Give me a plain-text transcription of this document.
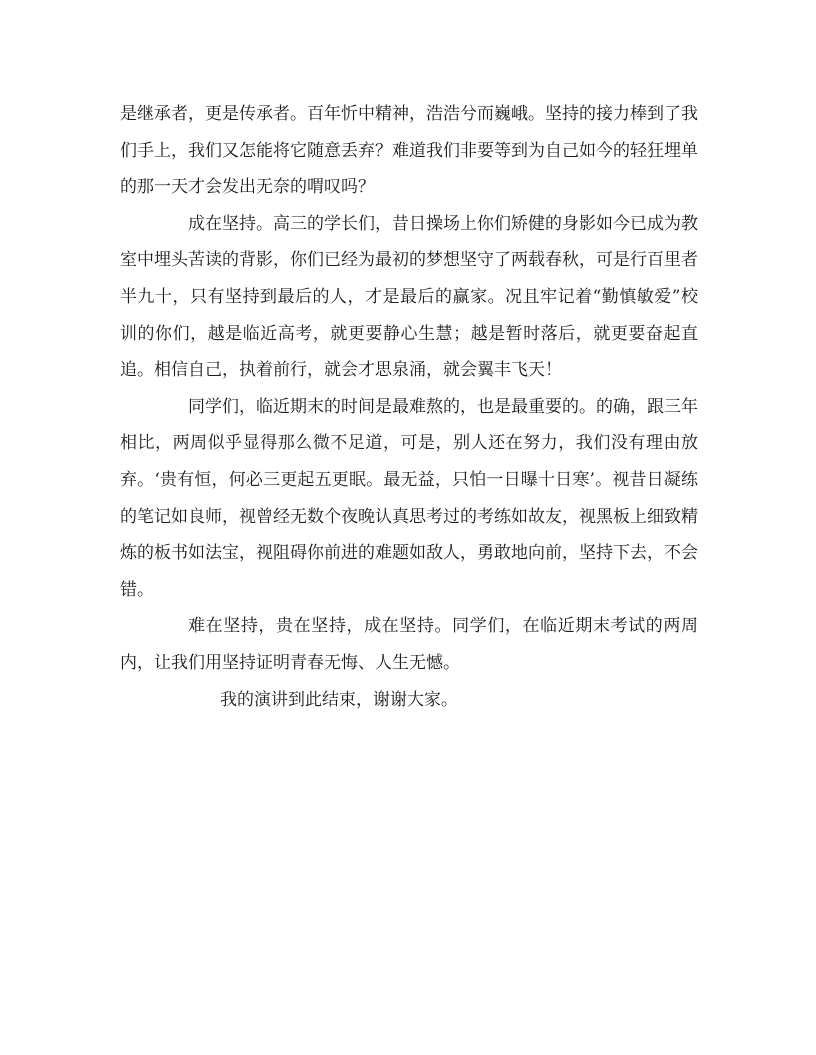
是继承者，更是传承者。百年忻中精神，浩浩兮而巍峨。坚持的接力棒到了我们手上，我们又怎能将它随意丢弃？难道我们非要等到为自己如今的轻狂埋单的那一天才会发出无奈的喟叹吗？

成在坚持。高三的学长们，昔日操场上你们矫健的身影如今已成为教室中埋头苦读的背影，你们已经为最初的梦想坚守了两载春秋，可是行百里者半九十，只有坚持到最后的人，才是最后的赢家。况且牢记着“勤慎敏爱”校训的你们，越是临近高考，就更要静心生慧；越是暂时落后，就更要奋起直追。相信自己，执着前行，就会才思泉涌，就会翼丰飞天！

同学们，临近期末的时间是最难熬的，也是最重要的。的确，跟三年相比，两周似乎显得那么微不足道，可是，别人还在努力，我们没有理由放弃。‘贵有恒，何必三更起五更眠。最无益，只怕一日曝十日寒’。视昔日凝练的笔记如良师，视曾经无数个夜晚认真思考过的考练如故友，视黑板上细致精炼的板书如法宝，视阻碍你前进的难题如敌人，勇敢地向前，坚持下去，不会错。

难在坚持，贵在坚持，成在坚持。同学们，在临近期末考试的两周内，让我们用坚持证明青春无悔、人生无憾。

我的演讲到此结束，谢谢大家。
